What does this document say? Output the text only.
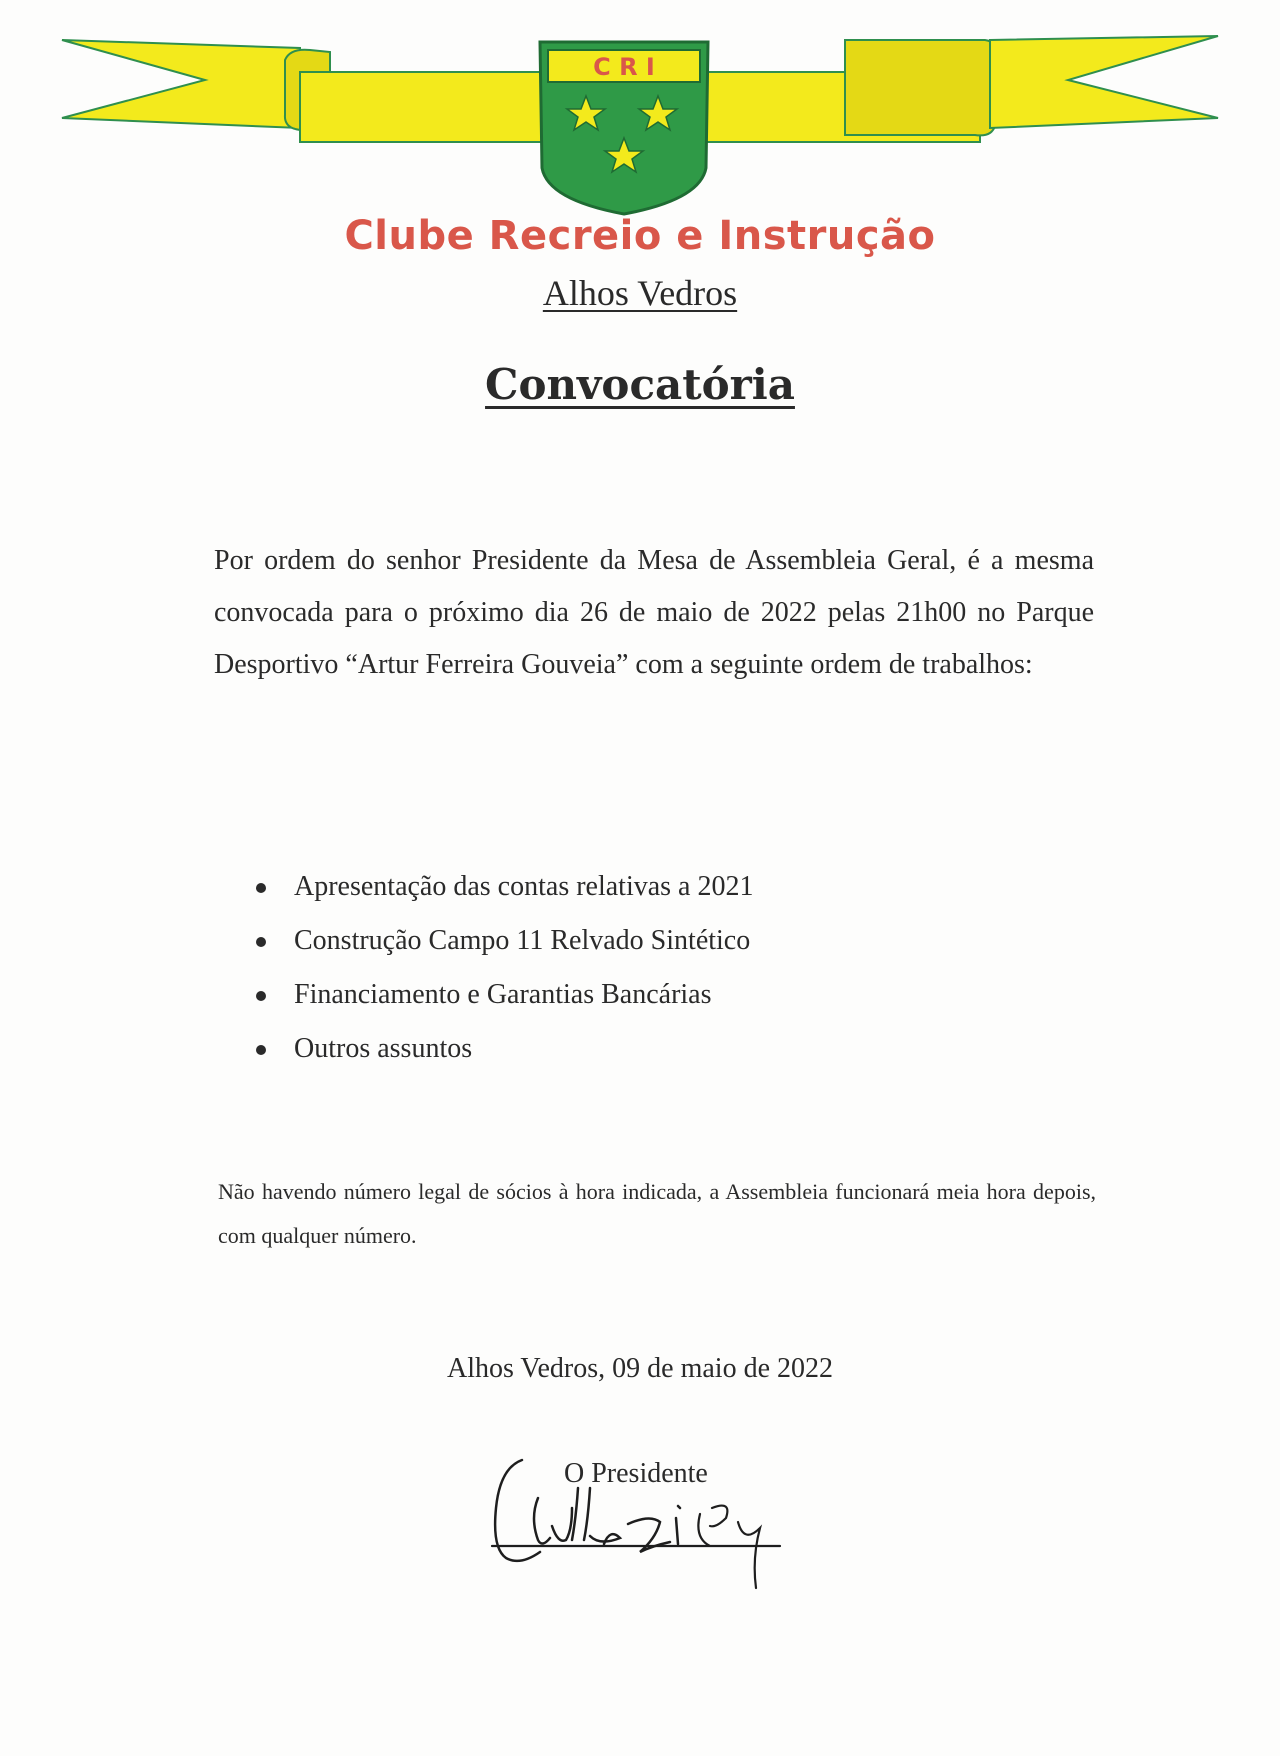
C R I
Clube Recreio e Instrução
Alhos Vedros
Convocatória

Por ordem do senhor Presidente da Mesa de Assembleia Geral, é a mesma convocada para o próximo dia 26 de maio de 2022 pelas 21h00 no Parque Desportivo “Artur Ferreira Gouveia” com a seguinte ordem de trabalhos:

Apresentação das contas relativas a 2021
Construção Campo 11 Relvado Sintético
Financiamento e Garantias Bancárias
Outros assuntos

Não havendo número legal de sócios à hora indicada, a Assembleia funcionará meia hora depois, com qualquer número.

Alhos Vedros, 09 de maio de 2022
O Presidente
